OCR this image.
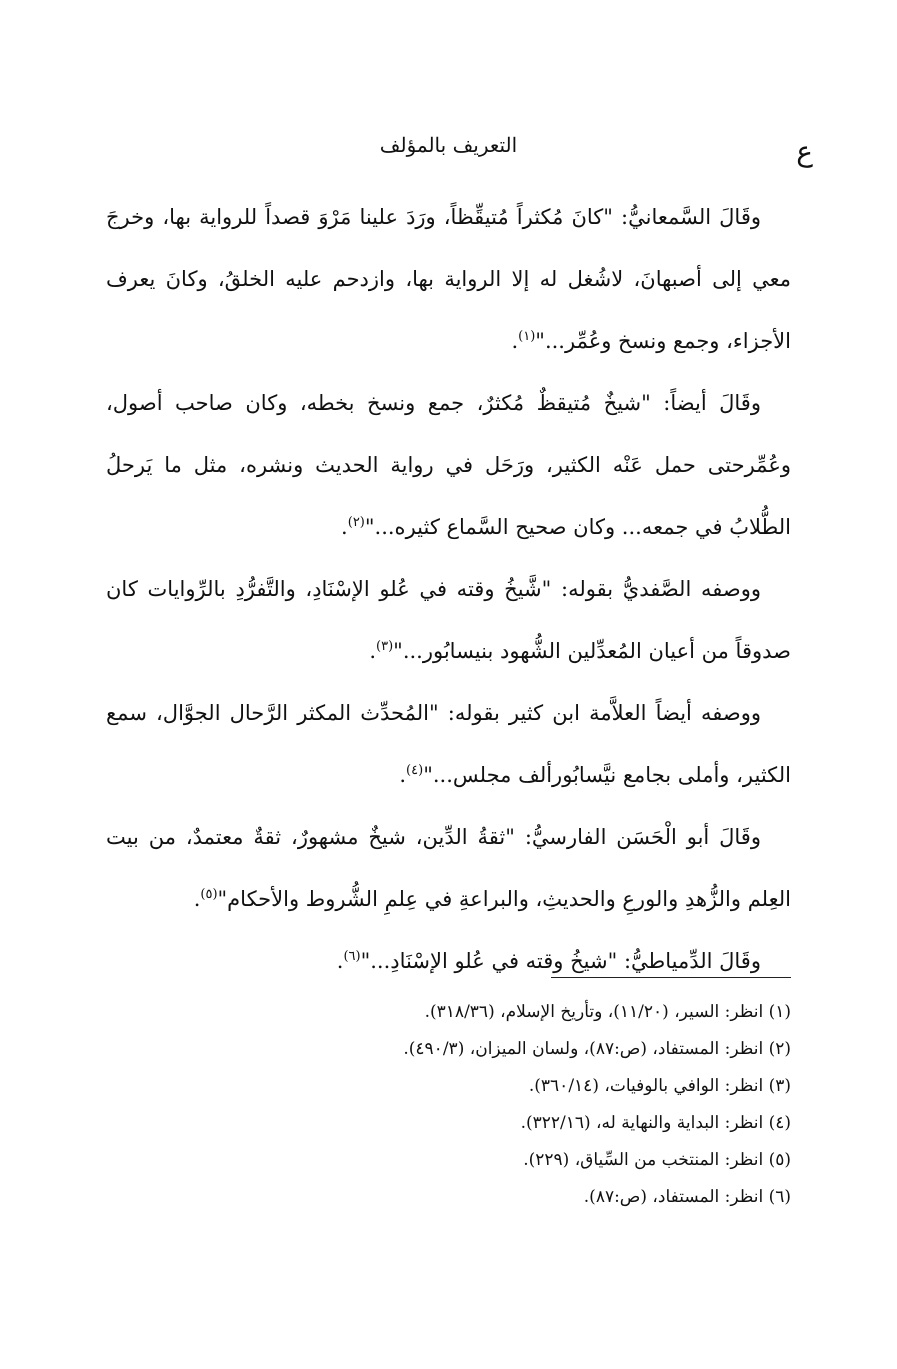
ع
التعريف بالمؤلف

وقَالَ السَّمعانيُّ: "كانَ مُكثراً مُتيقِّظاً، ورَدَ علينا مَرْوَ قصداً للرواية بها، وخرجَ معي إلى أصبهانَ، لاشُغل له إلا الرواية بها، وازدحم عليه الخلقُ، وكانَ يعرف الأجزاء، وجمع ونسخ وعُمِّر..."$^{(١)}$.

وقَالَ أيضاً: "شيخٌ مُتيقظٌ مُكثرٌ، جمع ونسخ بخطه، وكان صاحب أصول، وعُمِّرحتى حمل عَنْه الكثير، ورَحَل في رواية الحديث ونشره، مثل ما يَرحلُ الطُّلابُ في جمعه... وكان صحيح السَّماع كثيره..."$^{(٢)}$.

ووصفه الصَّفديُّ بقوله: "شَّيخُ وقته في عُلو الإسْنَادِ، والتَّفرُّدِ بالرِّوايات كان صدوقاً من أعيان المُعدِّلين الشُّهود بنيسابُور..."$^{(٣)}$.

ووصفه أيضاً العلاَّمة ابن كثير بقوله: "المُحدِّث المكثر الرَّحال الجوَّال، سمع الكثير، وأملى بجامع نيَّسابُورألف مجلس..."$^{(٤)}$.

وقَالَ أبو الْحَسَن الفارسيُّ: "ثقةُ الدِّين، شيخٌ مشهورٌ، ثقةٌ معتمدٌ، من بيت العِلم والزُّهدِ والورعِ والحديثِ، والبراعةِ في عِلمِ الشُّروط والأحكام"$^{(٥)}$.

وقَالَ الدِّمياطيُّ: "شيخُ وقته في عُلو الإسْنَادِ..."$^{(٦)}$.

(١) انظر: السير، (١١/٢٠)، وتأريخ الإسلام، (٣١٨/٣٦).

(٢) انظر: المستفاد، (ص:٨٧)، ولسان الميزان، (٤٩٠/٣).

(٣) انظر: الوافي بالوفيات، (٣٦٠/١٤).

(٤) انظر: البداية والنهاية له، (٣٢٢/١٦).

(٥) انظر: المنتخب من السِّياق، (٢٢٩).

(٦) انظر: المستفاد، (ص:٨٧).
